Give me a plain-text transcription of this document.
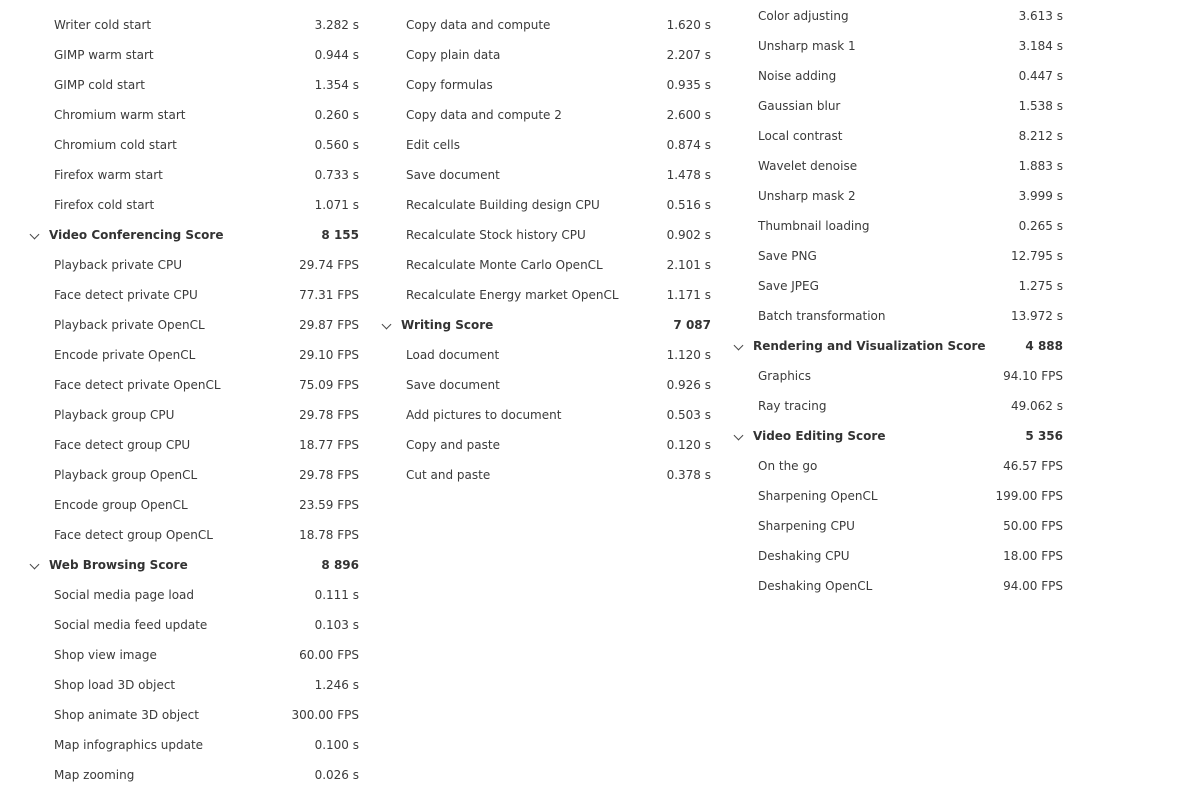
Writer cold start	3.282 s
GIMP warm start	0.944 s
GIMP cold start	1.354 s
Chromium warm start	0.260 s
Chromium cold start	0.560 s
Firefox warm start	0.733 s
Firefox cold start	1.071 s
Video Conferencing Score	8 155
Playback private CPU	29.74 FPS
Face detect private CPU	77.31 FPS
Playback private OpenCL	29.87 FPS
Encode private OpenCL	29.10 FPS
Face detect private OpenCL	75.09 FPS
Playback group CPU	29.78 FPS
Face detect group CPU	18.77 FPS
Playback group OpenCL	29.78 FPS
Encode group OpenCL	23.59 FPS
Face detect group OpenCL	18.78 FPS
Web Browsing Score	8 896
Social media page load	0.111 s
Social media feed update	0.103 s
Shop view image	60.00 FPS
Shop load 3D object	1.246 s
Shop animate 3D object	300.00 FPS
Map infographics update	0.100 s
Map zooming	0.026 s
Copy data and compute	1.620 s
Copy plain data	2.207 s
Copy formulas	0.935 s
Copy data and compute 2	2.600 s
Edit cells	0.874 s
Save document	1.478 s
Recalculate Building design CPU	0.516 s
Recalculate Stock history CPU	0.902 s
Recalculate Monte Carlo OpenCL	2.101 s
Recalculate Energy market OpenCL	1.171 s
Writing Score	7 087
Load document	1.120 s
Save document	0.926 s
Add pictures to document	0.503 s
Copy and paste	0.120 s
Cut and paste	0.378 s
Color adjusting	3.613 s
Unsharp mask 1	3.184 s
Noise adding	0.447 s
Gaussian blur	1.538 s
Local contrast	8.212 s
Wavelet denoise	1.883 s
Unsharp mask 2	3.999 s
Thumbnail loading	0.265 s
Save PNG	12.795 s
Save JPEG	1.275 s
Batch transformation	13.972 s
Rendering and Visualization Score	4 888
Graphics	94.10 FPS
Ray tracing	49.062 s
Video Editing Score	5 356
On the go	46.57 FPS
Sharpening OpenCL	199.00 FPS
Sharpening CPU	50.00 FPS
Deshaking CPU	18.00 FPS
Deshaking OpenCL	94.00 FPS
